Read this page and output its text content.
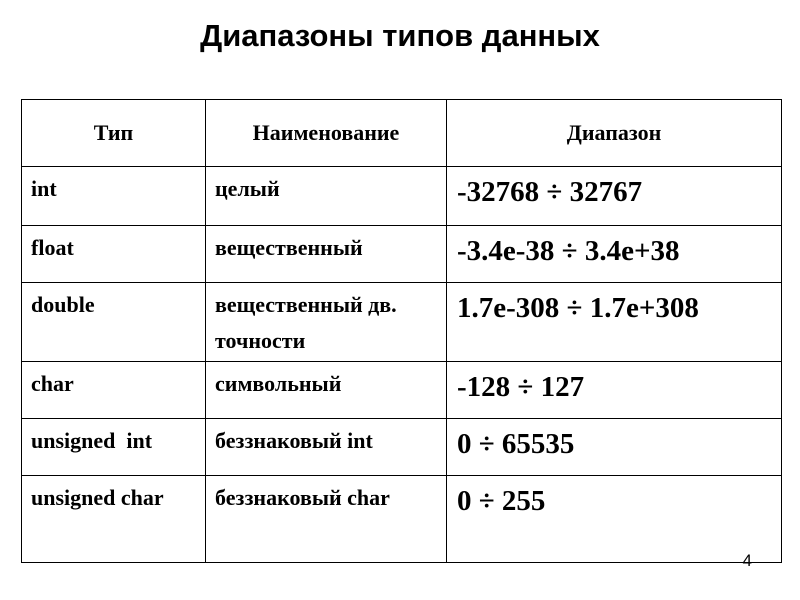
Диапазоны типов данных
Тип	Наименование	Диапазон
int	целый	-32768 ÷ 32767
float	вещественный	-3.4e-38 ÷ 3.4e+38
double	вещественный дв. точности	1.7e-308 ÷ 1.7e+308
char	символьный	-128 ÷ 127
unsigned  int	беззнаковый int	0 ÷ 65535
unsigned char	беззнаковый char	0 ÷ 255
4
